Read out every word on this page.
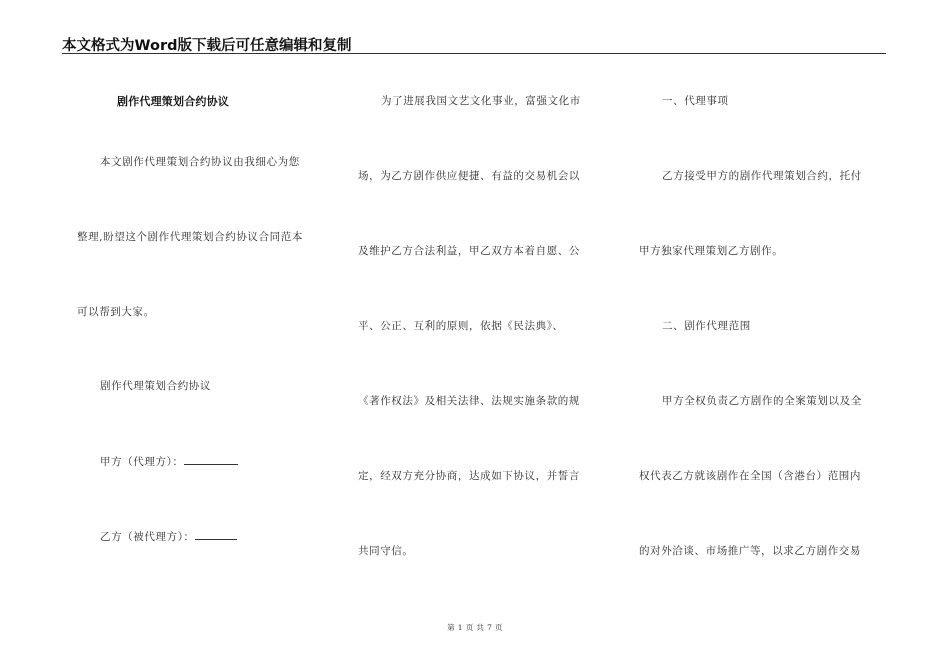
本文格式为Word版下载后可任意编辑和复制
剧作代理策划合约协议
本文剧作代理策划合约协议由我细心为您
整理,盼望这个剧作代理策划合约协议合同范本
可以帮到大家。
剧作代理策划合约协议
甲方（代理方）：
乙方（被代理方）：
为了进展我国文艺文化事业，富强文化市
场，为乙方剧作供应便捷、有益的交易机会以
及维护乙方合法利益，甲乙双方本着自愿、公
平、公正、互利的原则，依据《民法典》、
《著作权法》及相关法律、法规实施条款的规
定，经双方充分协商，达成如下协议，并誓言
共同守信。
一、代理事项
乙方接受甲方的剧作代理策划合约，托付
甲方独家代理策划乙方剧作。
二、剧作代理范围
甲方全权负责乙方剧作的全案策划以及全
权代表乙方就该剧作在全国（含港台）范围内
的对外洽谈、市场推广等，以求乙方剧作交易
第 1 页 共 7 页
